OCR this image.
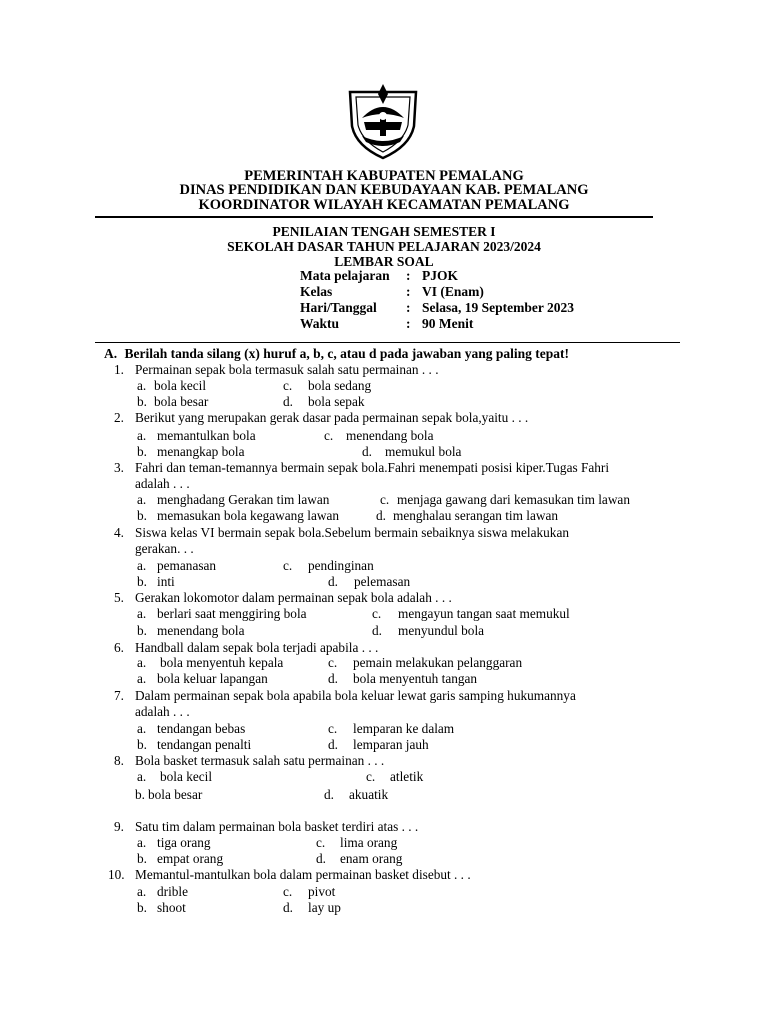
PEMERINTAH KABUPATEN PEMALANG
DINAS PENDIDIKAN DAN KEBUDAYAAN KAB. PEMALANG
KOORDINATOR WILAYAH KECAMATAN PEMALANG
PENILAIAN TENGAH SEMESTER I
SEKOLAH DASAR TAHUN PELAJARAN 2023/2024
LEMBAR SOAL
Mata pelajaran : PJOK
Kelas	: VI (Enam)
Hari/Tanggal : Selasa, 19 September 2023
Waktu	: 90 Menit
A. Berilah tanda silang (x) huruf a, b, c, atau d pada jawaban yang paling tepat!
1. Permainan sepak bola termasuk salah satu permainan . . .
a. bola kecil	c. bola sedang
b. bola besar	d. bola sepak
2. Berikut yang merupakan gerak dasar pada permainan sepak bola,yaitu . . .
a. memantulkan bola	c. menendang bola
b. menangkap bola	d. memukul bola
3. Fahri dan teman-temannya bermain sepak bola.Fahri menempati posisi kiper.Tugas Fahri
adalah . . .
a. menghadang Gerakan tim lawan	c. menjaga gawang dari kemasukan tim lawan
b. memasukan bola kegawang lawan	d. menghalau serangan tim lawan
4. Siswa kelas VI bermain sepak bola.Sebelum bermain sebaiknya siswa melakukan
gerakan. . .
a. pemanasan	c. pendinginan
b. inti	d. pelemasan
5. Gerakan lokomotor dalam permainan sepak bola adalah . . .
a. berlari saat menggiring bola	c. mengayun tangan saat memukul
b. menendang bola	d. menyundul bola
6. Handball dalam sepak bola terjadi apabila . . .
a. bola menyentuh kepala	c. pemain melakukan pelanggaran
a. bola keluar lapangan	d. bola menyentuh tangan
7. Dalam permainan sepak bola apabila bola keluar lewat garis samping hukumannya
adalah . . .
a. tendangan bebas	c. lemparan ke dalam
b. tendangan penalti	d. lemparan jauh
8. Bola basket termasuk salah satu permainan . . .
a. bola kecil	c. atletik
b. bola besar	d. akuatik
9. Satu tim dalam permainan bola basket terdiri atas . . .
a. tiga orang	c. lima orang
b. empat orang	d. enam orang
10. Memantul-mantulkan bola dalam permainan basket disebut . . .
a. drible	c. pivot
b. shoot	d. lay up
